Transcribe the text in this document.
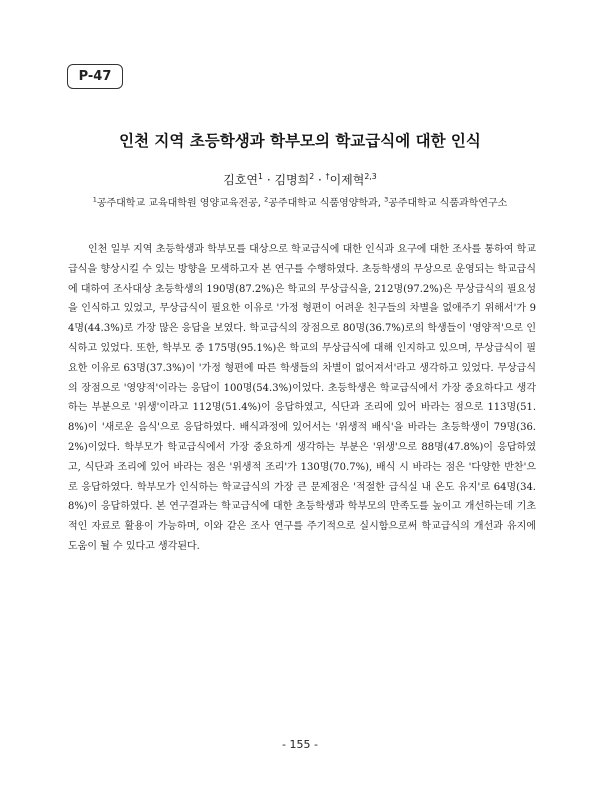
P-47
인천 지역 초등학생과 학부모의 학교급식에 대한 인식
김호연$^1$ · 김명희$^2$ · †이제혁$^{2,3}$
$^1$공주대학교 교육대학원 영양교육전공, $^2$공주대학교 식품영양학과, $^3$공주대학교 식품과학연구소

인천 일부 지역 초등학생과 학부모를 대상으로 학교급식에 대한 인식과 요구에 대한 조사를 통하여 학교급식을 향상시킬 수 있는 방향을 모색하고자 본 연구를 수행하였다. 초등학생의 무상으로 운영되는 학교급식에 대하여 조사대상 초등학생의 190명(87.2%)은 학교의 무상급식을, 212명(97.2%)은 무상급식의 필요성을 인식하고 있었고, 무상급식이 필요한 이유로 '가정 형편이 어려운 친구들의 차별을 없애주기 위해서'가 94명(44.3%)로 가장 많은 응답을 보였다. 학교급식의 장점으로 80명(36.7%)로의 학생들이 '영양적'으로 인식하고 있었다. 또한, 학부모 중 175명(95.1%)은 학교의 무상급식에 대해 인지하고 있으며, 무상급식이 필요한 이유로 63명(37.3%)이 '가정 형편에 따른 학생들의 차별이 없어져서'라고 생각하고 있었다. 무상급식의 장점으로 '영양적'이라는 응답이 100명(54.3%)이었다. 초등학생은 학교급식에서 가장 중요하다고 생각하는 부분으로 '위생'이라고 112명(51.4%)이 응답하였고, 식단과 조리에 있어 바라는 점으로 113명(51.8%)이 '새로운 음식'으로 응답하였다. 배식과정에 있어서는 '위생적 배식'을 바라는 초등학생이 79명(36.2%)이었다. 학부모가 학교급식에서 가장 중요하게 생각하는 부분은 '위생'으로 88명(47.8%)이 응답하였고, 식단과 조리에 있어 바라는 점은 '위생적 조리'가 130명(70.7%), 배식 시 바라는 점은 '다양한 반찬'으로 응답하였다. 학부모가 인식하는 학교급식의 가장 큰 문제점은 '적절한 급식실 내 온도 유지'로 64명(34.8%)이 응답하였다. 본 연구결과는 학교급식에 대한 초등학생과 학부모의 만족도를 높이고 개선하는데 기초적인 자료로 활용이 가능하며, 이와 같은 조사 연구를 주기적으로 실시함으로써 학교급식의 개선과 유지에 도움이 될 수 있다고 생각된다.

- 155 -
